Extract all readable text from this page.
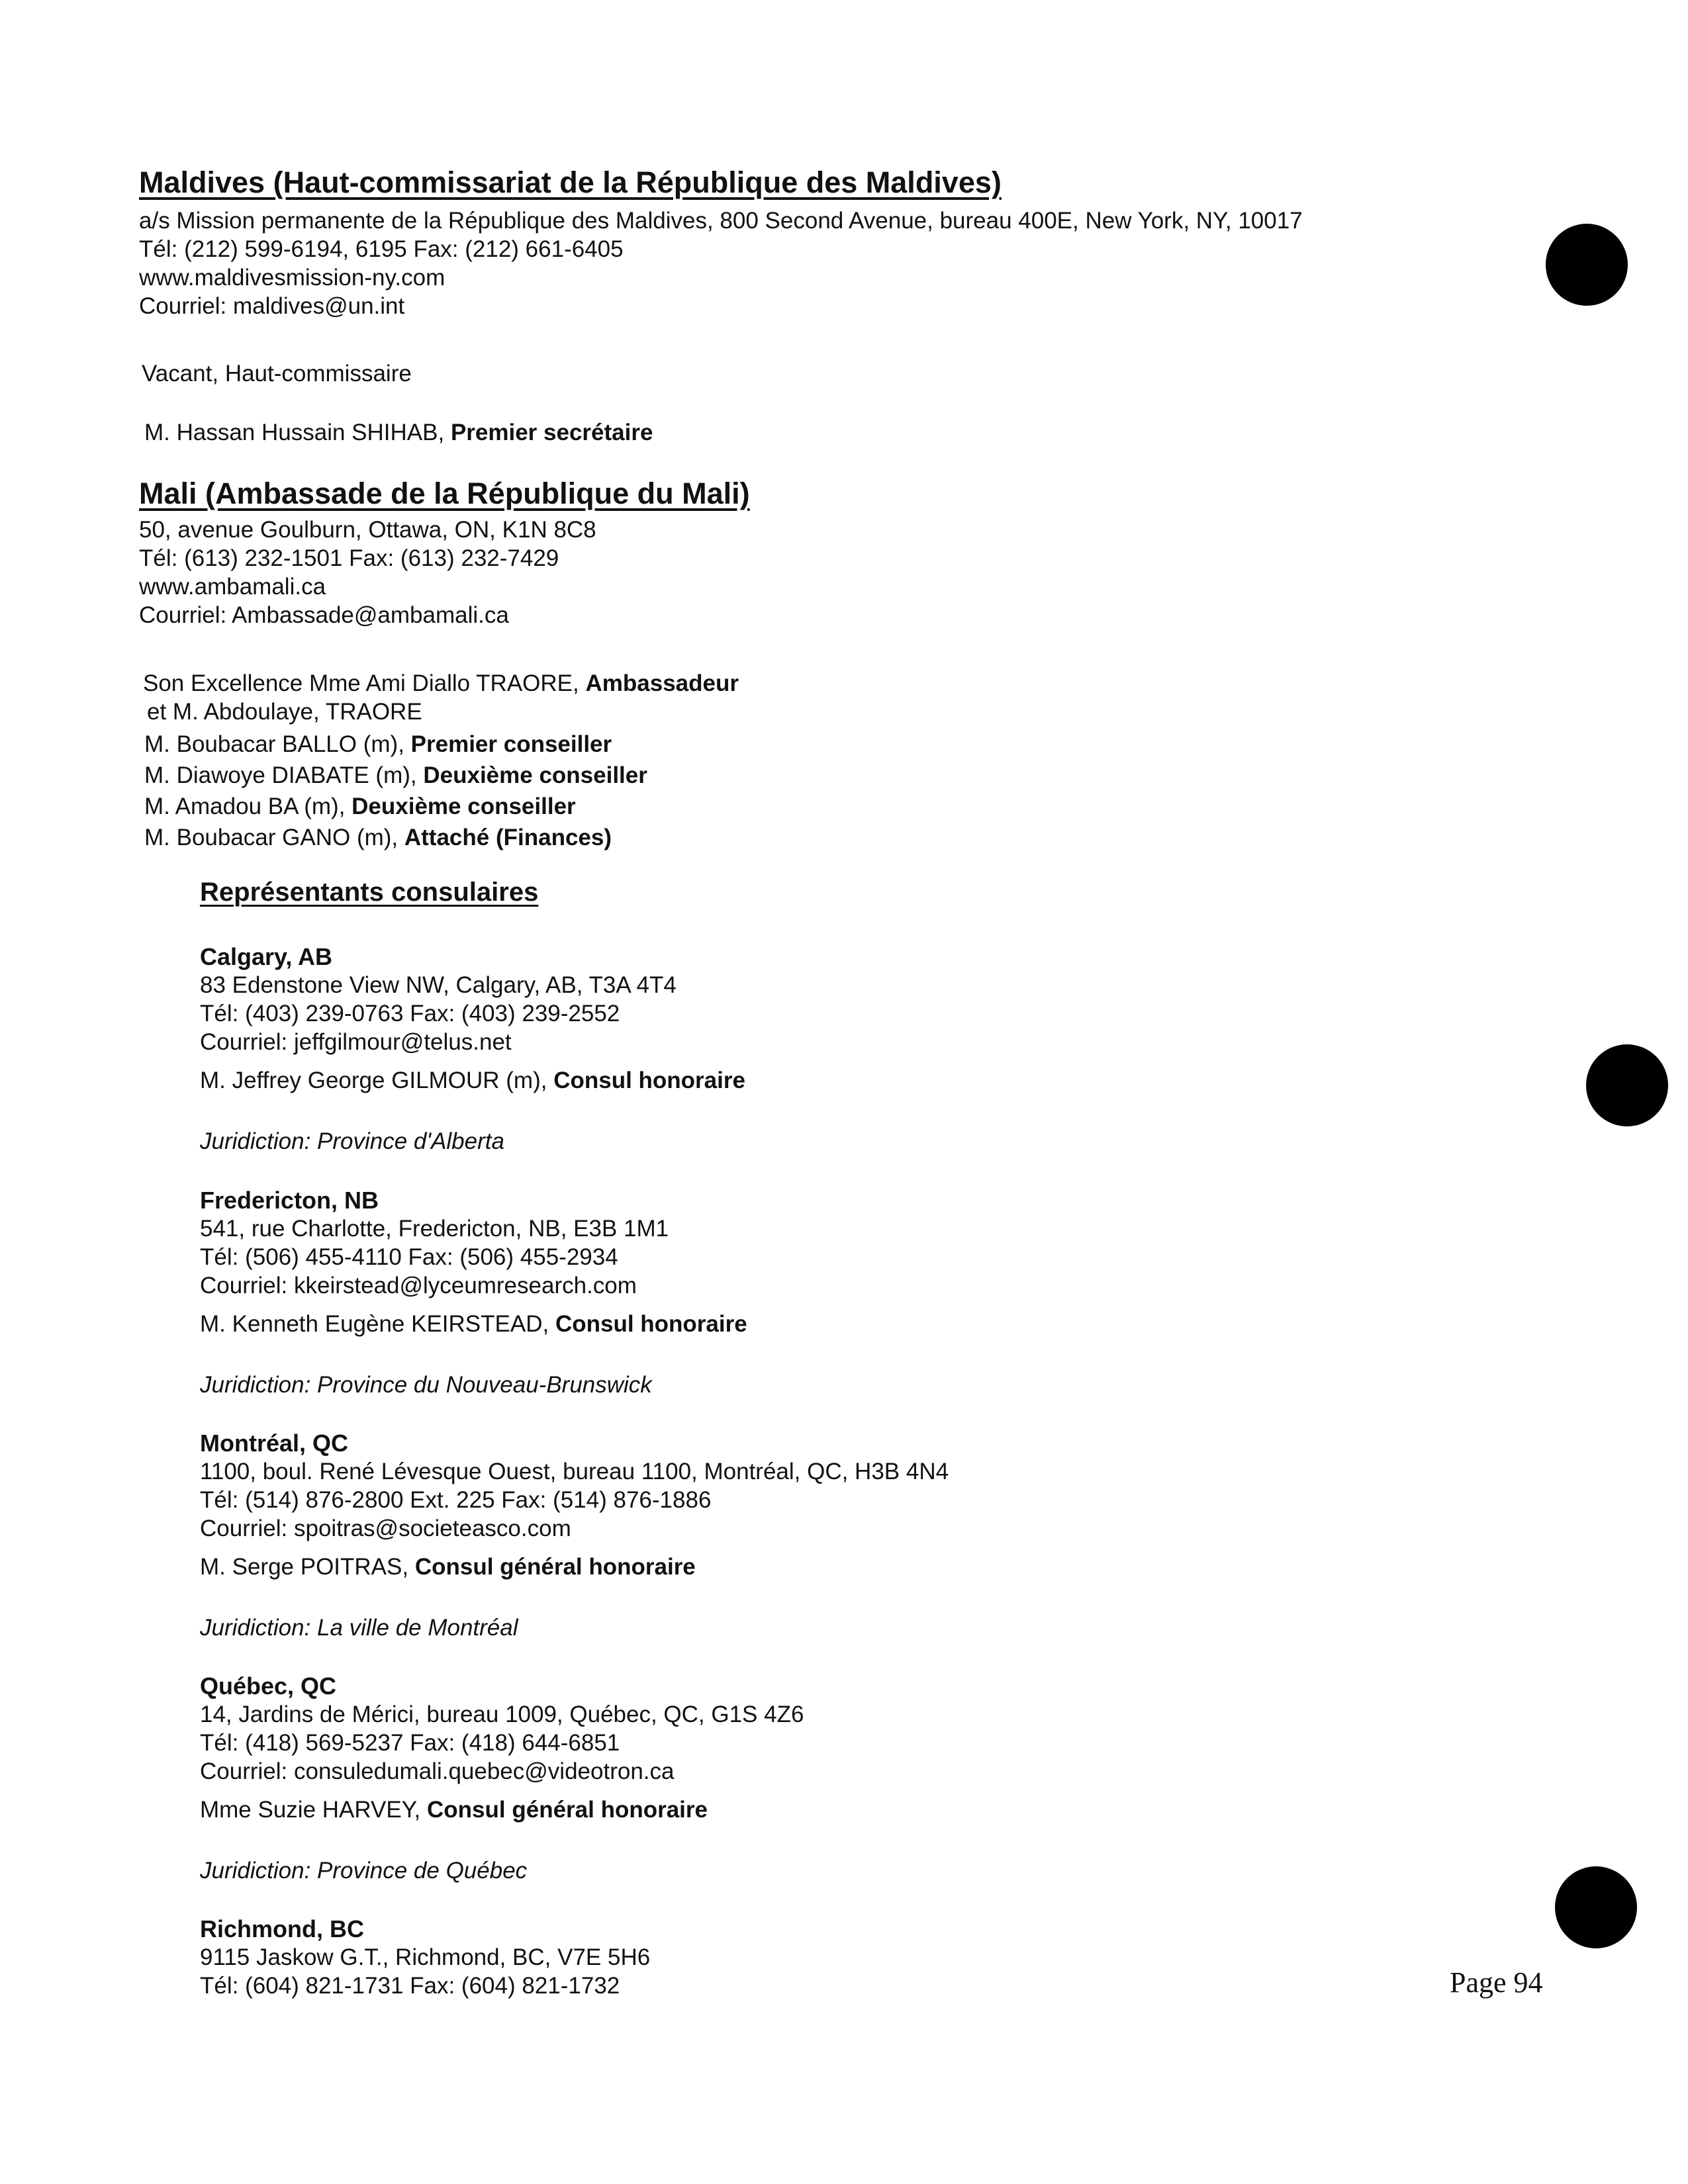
Maldives (Haut-commissariat de la République des Maldives)
a/s Mission permanente de la République des Maldives, 800 Second Avenue, bureau 400E, New York, NY, 10017
Tél: (212) 599-6194, 6195 Fax: (212) 661-6405
www.maldivesmission-ny.com
Courriel: maldives@un.int
Vacant, Haut-commissaire
M. Hassan Hussain SHIHAB, Premier secrétaire
Mali (Ambassade de la République du Mali)
50, avenue Goulburn, Ottawa, ON, K1N 8C8
Tél: (613) 232-1501 Fax: (613) 232-7429
www.ambamali.ca
Courriel: Ambassade@ambamali.ca
Son Excellence Mme Ami Diallo TRAORE, Ambassadeur
et M. Abdoulaye, TRAORE
M. Boubacar BALLO (m), Premier conseiller
M. Diawoye DIABATE (m), Deuxième conseiller
M. Amadou BA (m), Deuxième conseiller
M. Boubacar GANO (m), Attaché (Finances)
Représentants consulaires
Calgary, AB
83 Edenstone View NW, Calgary, AB, T3A 4T4
Tél: (403) 239-0763 Fax: (403) 239-2552
Courriel: jeffgilmour@telus.net
M. Jeffrey George GILMOUR (m), Consul honoraire
Juridiction: Province d'Alberta
Fredericton, NB
541, rue Charlotte, Fredericton, NB, E3B 1M1
Tél: (506) 455-4110 Fax: (506) 455-2934
Courriel: kkeirstead@lyceumresearch.com
M. Kenneth Eugène KEIRSTEAD, Consul honoraire
Juridiction: Province du Nouveau-Brunswick
Montréal, QC
1100, boul. René Lévesque Ouest, bureau 1100, Montréal, QC, H3B 4N4
Tél: (514) 876-2800 Ext. 225 Fax: (514) 876-1886
Courriel: spoitras@societeasco.com
M. Serge POITRAS, Consul général honoraire
Juridiction: La ville de Montréal
Québec, QC
14, Jardins de Mérici, bureau 1009, Québec, QC, G1S 4Z6
Tél: (418) 569-5237 Fax: (418) 644-6851
Courriel: consuledumali.quebec@videotron.ca
Mme Suzie HARVEY, Consul général honoraire
Juridiction: Province de Québec
Richmond, BC
9115 Jaskow G.T., Richmond, BC, V7E 5H6
Tél: (604) 821-1731 Fax: (604) 821-1732	Page 94
